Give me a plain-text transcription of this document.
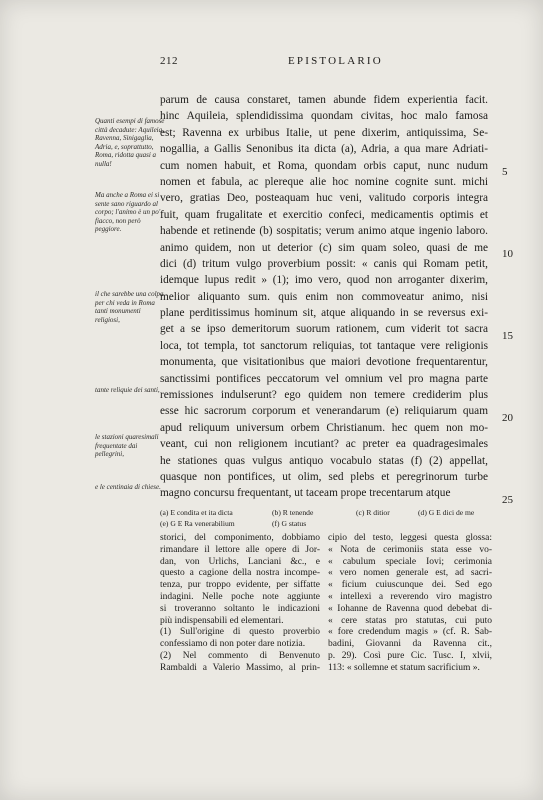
212	EPISTOLARIO
Quanti esempi di famose città decadute: Aquileia, Ravenna, Sinigaglia, Adria, e, soprattutto, Roma, ridotta quasi a nulla!
Ma anche a Roma ei si sente sano riguardo al corpo; l'animo è un po' fiacco, non però peggiore.
il che sarebbe una colpa per chi veda in Roma tanti monumenti religiosi,
tante reliquie dei santi,
le stazioni quaresimali frequentate dai pellegrini,
e le centinaia di chiese.
parum de causa constaret, tamen abunde fidem experientia facit.
hinc Aquileia, splendidissima quondam civitas, hoc malo famosa
est; Ravenna ex urbibus Italie, ut pene dixerim, antiquissima, Se-
nogallia, a Gallis Senonibus ita dicta (a), Adria, a qua mare Adriati-
cum nomen habuit, et Roma, quondam orbis caput, nunc nudum
nomen et fabula, ac plereque alie hoc nomine cognite sunt. michi
vero, gratias Deo, posteaquam huc veni, valitudo corporis integra
fuit, quam frugalitate et exercitio confeci, medicamentis optimis et
habende et retinende (b) sospitatis; verum animo atque ingenio laboro.
animo quidem, non ut deterior (c) sim quam soleo, quasi de me
dici (d) tritum vulgo proverbium possit: « canis qui Romam petit,
idemque lupus redit » (1); imo vero, quod non arroganter dixerim,
melior aliquanto sum. quis enim non commoveatur animo, nisi
plane perditissimus hominum sit, atque aliquando in se reversus exi-
get a se ipso demeritorum suorum rationem, cum viderit tot sacra
loca, tot templa, tot sanctorum reliquias, tot tantaque vere religionis
monumenta, que visitationibus que maiori devotione frequentarentur,
sanctissimi pontifices peccatorum vel omnium vel pro magna parte
remissiones indulserunt? ego quidem non temere crediderim plus
esse hic sacrorum corporum et venerandarum (e) reliquiarum quam
apud reliquum universum orbem Christianum. hec quem non mo-
veant, cui non religionem incutiant? ac preter ea quadragesimales
he stationes quas vulgus antiquo vocabulo statas (f) (2) appellat,
quasque non pontifices, ut olim, sed plebs et peregrinorum turbe
magno concursu frequentant, ut taceam prope trecentarum atque
5
10
15
20
25
(a) E condita et ita dicta	(b) R tenende	(c) R ditior	(d) G E dici de me
(e) G E Ra venerabilium	(f) G status
storici, del componimento, dobbiamo
rimandare il lettore alle opere di Jor-
dan, von Urlichs, Lanciani &c., e
questo a cagione della nostra incompe-
tenza, pur troppo evidente, per siffatte
indagini. Nelle poche note aggiunte
si troveranno soltanto le indicazioni
più indispensabili ed elementari.
(1) Sull'origine di questo proverbio
confessiamo di non poter dare notizia.
(2) Nel commento di Benvenuto
Rambaldi a Valerio Massimo, al prin-
cipio del testo, leggesi questa glossa:
« Nota de cerimoniis stata esse vo-
« cabulum speciale Iovi; cerimonia
« vero nomen generale est, ad sacri-
« ficium cuiuscunque dei. Sed ego
« intellexi a reverendo viro magistro
« Iohanne de Ravenna quod debebat di-
« cere statas pro statutas, cui puto
« fore credendum magis » (cf. R. Sab-
badini, Giovanni da Ravenna cit.,
p. 29). Così pure Cic. Tusc. I, xlvii,
113: « sollemne et statum sacrificium ».
